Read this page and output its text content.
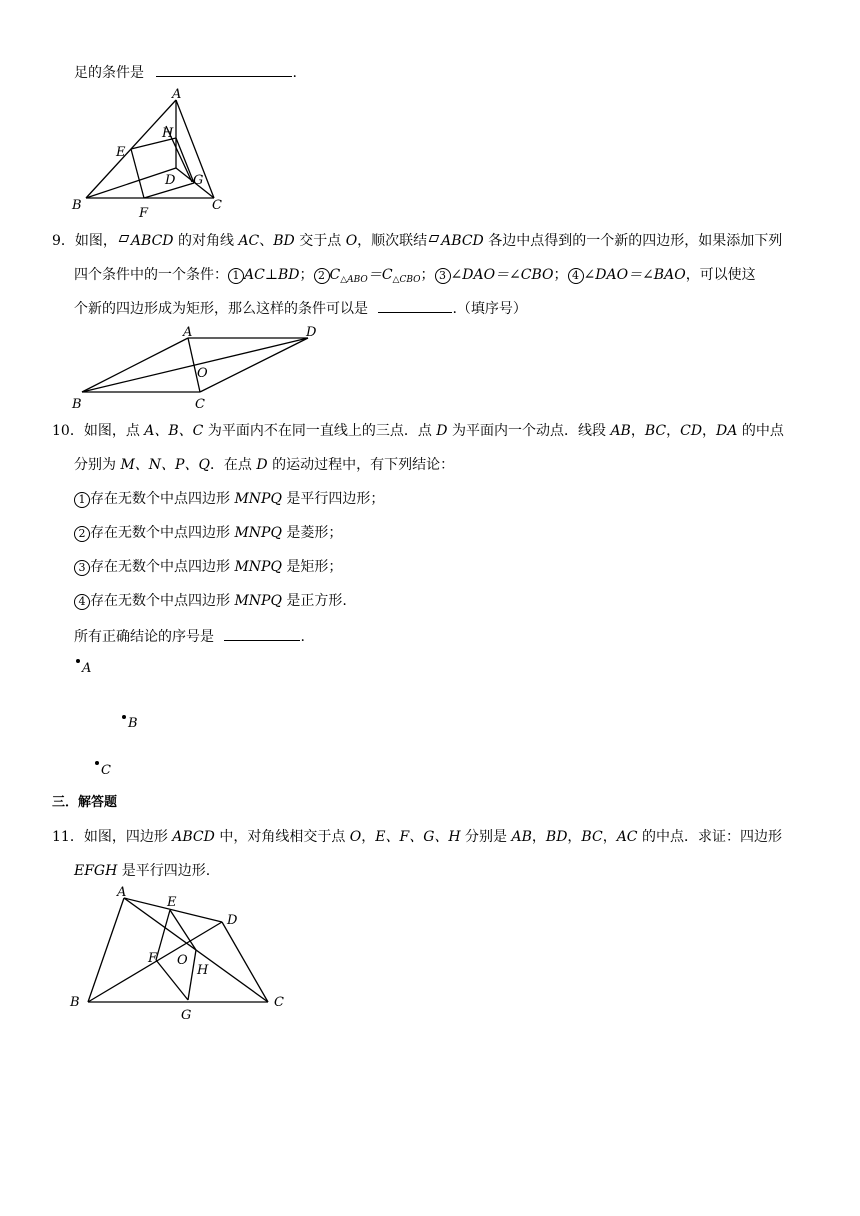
足的条件是	.
A
H
E
D G
B
F
C
9．如图， ABCD 的对角线 AC、BD 交于点 O，顺次联结 ABCD 各边中点得到的一个新的四边形，如果添加下列
四个条件中的一个条件： 1 AC⊥BD； 2 $C_{\triangle ABO}=C_{\triangle CBO}$； 3 ∠DAO＝∠CBO； 4 ∠DAO＝∠BAO，可以使这
个新的四边形成为矩形，那么这样的条件可以是	.（填序号）
A	D
O
B	C
10．如图，点 A、B、C 为平面内不在同一直线上的三点．点 D 为平面内一个动点．线段 AB，BC，CD，DA 的中点
分别为 M、N、P、Q．在点 D 的运动过程中，有下列结论：
1 存在无数个中点四边形 MNPQ 是平行四边形；
2 存在无数个中点四边形 MNPQ 是菱形；
3 存在无数个中点四边形 MNPQ 是矩形；
4 存在无数个中点四边形 MNPQ 是正方形.
所有正确结论的序号是	.
A
B
C
三．解答题
11．如图，四边形 ABCD 中，对角线相交于点 O，E、F、G、H 分别是 AB，BD，BC，AC 的中点．求证：四边形
EFGH 是平行四边形.
A
E
D
F O
H
B
G
C
